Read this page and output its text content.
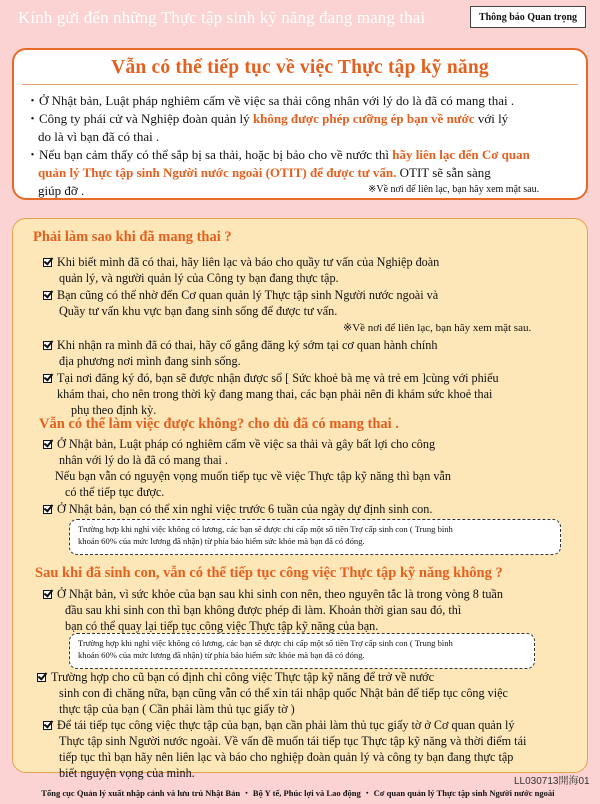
Kính gửi đến những Thực tập sinh kỹ năng đang mang thai	Thông báo Quan trọng
Vẫn có thể tiếp tục về việc Thực tập kỹ năng
・Ở Nhật bản, Luật pháp nghiêm cấm về việc sa thải công nhân với lý do là đã có mang thai .
・Công ty phái cử và Nghiệp đoàn quản lý không được phép cưỡng ép bạn về nước với lý
do là vì bạn đã có thai .
・Nếu bạn cảm thấy có thể sắp bị sa thải, hoặc bị bảo cho về nước thì hãy liên lạc đến Cơ quan
quản lý Thực tập sinh Người nước ngoài (OTIT) để được tư vấn. OTIT sẽ sẵn sàng
giúp đỡ .	※Về nơi để liên lạc, bạn hãy xem mặt sau.
Phải làm sao khi đã mang thai ?
Khi biết mình đã có thai, hãy liên lạc và báo cho quầy tư vấn của Nghiệp đoàn
quản lý, và người quản lý của Công ty bạn đang thực tập.
Bạn cũng có thể nhờ đến Cơ quan quản lý Thực tập sinh Người nước ngoài và
Quầy tư vấn khu vực bạn đang sinh sống để được tư vấn.
※Về nơi để liên lạc, bạn hãy xem mặt sau.
Khi nhận ra mình đã có thai, hãy cố gắng đăng ký sớm tại cơ quan hành chính
địa phương nơi mình đang sinh sống.
Tại nơi đăng ký đó, bạn sẽ được nhận được sổ [ Sức khoẻ bà mẹ và trẻ em ]cùng với phiếu
khám thai, cho nên trong thời kỳ đang mang thai, các bạn phải nên đi khám sức khoẻ thai
phụ theo định kỳ.
Vẫn có thể làm việc được không? cho dù đã có mang thai .
Ở Nhật bản, Luật pháp có nghiêm cấm về việc sa thải và gây bất lợi cho công
nhân với lý do là đã có mang thai .
Nếu bạn vẫn có nguyện vọng muốn tiếp tục về việc Thực tập kỹ năng thì bạn vẫn
có thể tiếp tục được.
Ở Nhật bản, bạn có thể xin nghỉ việc trước 6 tuần của ngày dự định sinh con.
Trường hợp khi nghỉ việc không có lương, các bạn sẽ được chi cấp một số tiền Trợ cấp sinh con ( Trung bình
khoản 60% của mức lương đã nhận) từ phía bảo hiểm sức khỏe mà bạn đã có đóng.
Sau khi đã sinh con, vẫn có thể tiếp tục công việc Thực tập kỹ năng không ?
Ở Nhật bản, vì sức khỏe của bạn sau khi sinh con nên, theo nguyên tắc là trong vòng 8 tuần
đầu sau khi sinh con thì bạn không được phép đi làm. Khoản thời gian sau đó, thì
bạn có thể quay lại tiếp tục công việc Thực tập kỹ năng của bạn.
Trường hợp khi nghỉ việc không có lương, các bạn sẽ được chi cấp một số tiền Trợ cấp sinh con ( Trung bình
khoản 60% của mức lương đã nhận) từ phía bảo hiểm sức khỏe mà bạn đã có đóng.
Trường hợp cho cũ bạn có định chỉ công việc Thực tập kỹ năng để trở về nước
sinh con đi chăng nữa, bạn cũng vẫn có thể xin tái nhập quốc Nhật bản để tiếp tục công việc
thực tập của bạn ( Cần phải làm thủ tục giấy tờ )
Để tái tiếp tục công việc thực tập của bạn, bạn cần phải làm thủ tục giấy tờ ở Cơ quan quản lý
Thực tập sinh Người nước ngoài. Về vấn đề muốn tái tiếp tục Thực tập kỹ năng và thời điểm tái
tiếp tục thì bạn hãy nên liên lạc và báo cho nghiệp đoàn quản lý và công ty bạn đang thực tập
biết nguyện vọng của mình.
LL030713開海01
Tổng cục Quản lý xuất nhập cảnh và lưu trú Nhật Bản ・ Bộ Y tế, Phúc lợi và Lao động ・ Cơ quan quản lý Thực tập sinh Người nước ngoài
